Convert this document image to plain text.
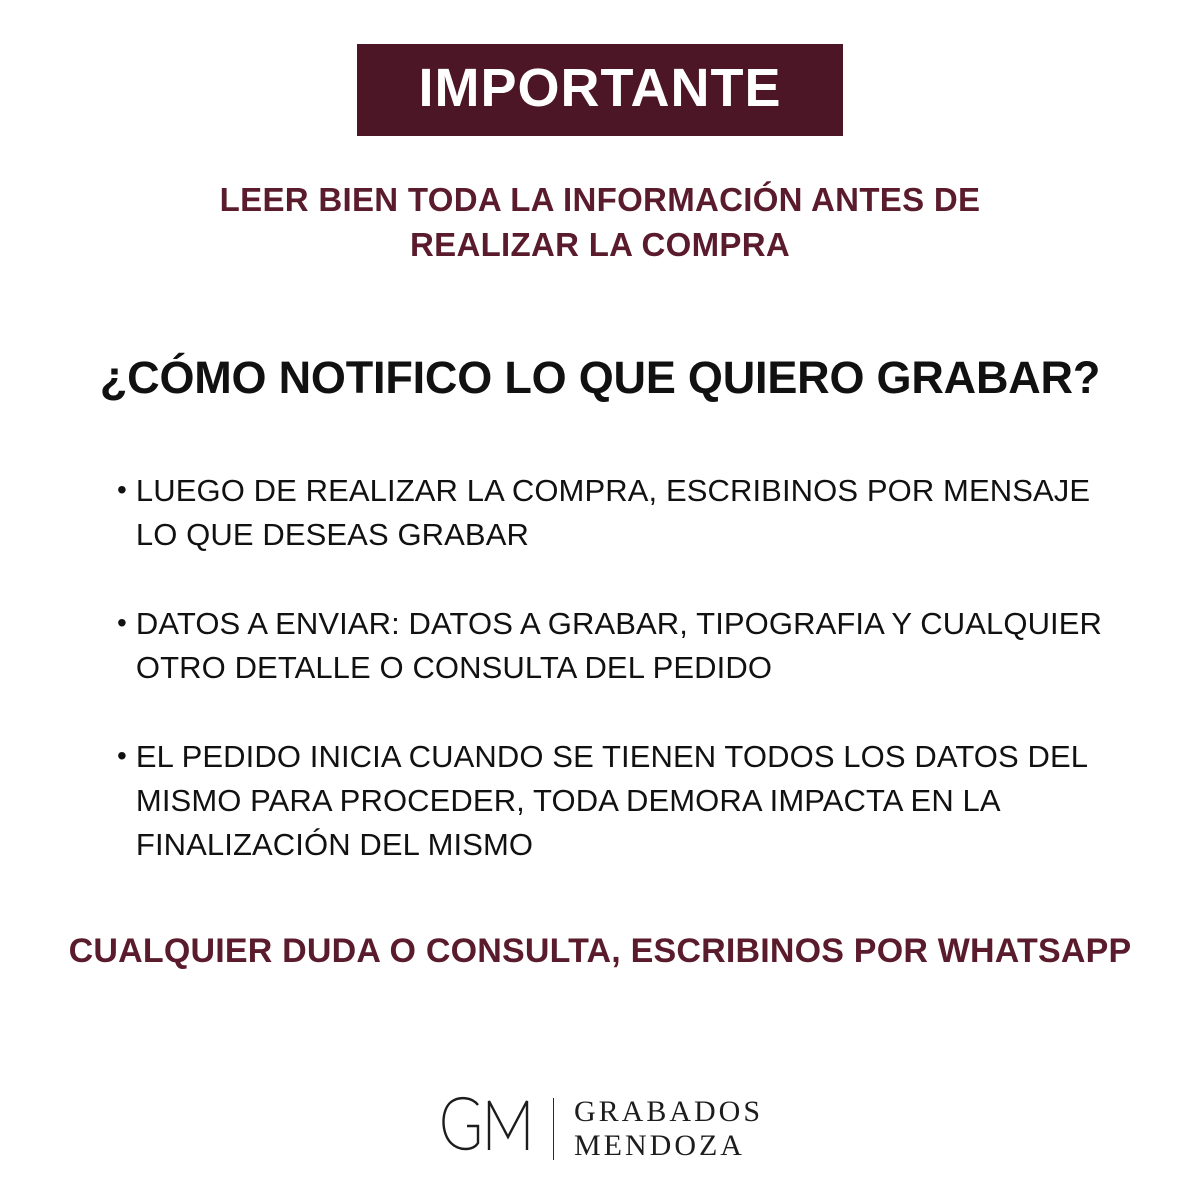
IMPORTANTE
LEER BIEN TODA LA INFORMACIÓN ANTES DE REALIZAR LA COMPRA
¿CÓMO NOTIFICO LO QUE QUIERO GRABAR?
• LUEGO DE REALIZAR LA COMPRA, ESCRIBINOS POR MENSAJE LO QUE DESEAS GRABAR
• DATOS A ENVIAR: DATOS A GRABAR, TIPOGRAFIA Y CUALQUIER OTRO DETALLE O CONSULTA DEL PEDIDO
• EL PEDIDO INICIA CUANDO SE TIENEN TODOS LOS DATOS DEL MISMO PARA PROCEDER, TODA DEMORA IMPACTA EN LA FINALIZACIÓN DEL MISMO
CUALQUIER DUDA O CONSULTA, ESCRIBINOS POR WHATSAPP
GRABADOS
MENDOZA
